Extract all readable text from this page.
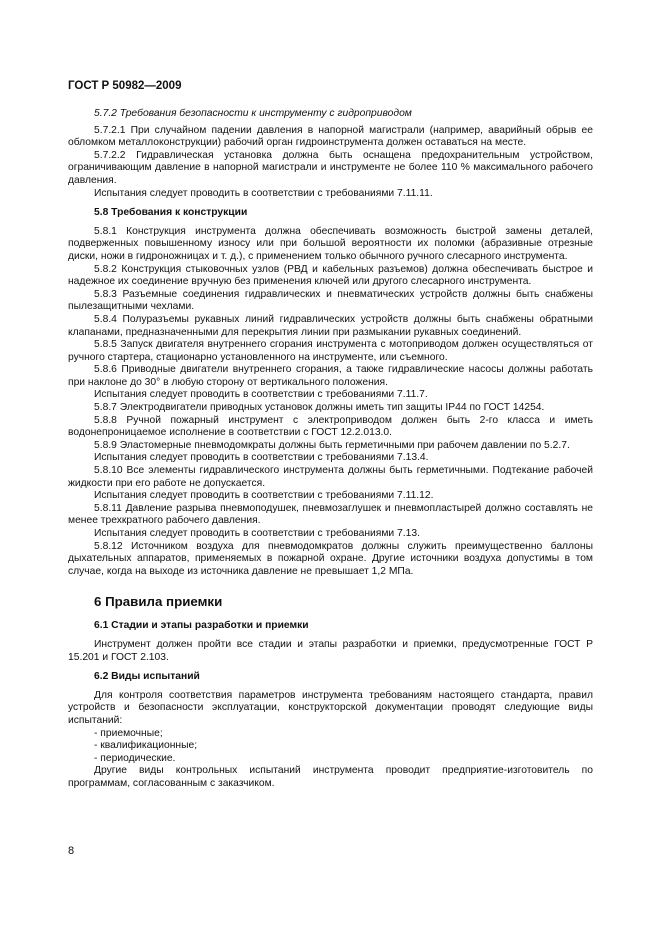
ГОСТ Р 50982—2009

5.7.2 Требования безопасности к инструменту с гидроприводом

5.7.2.1 При случайном падении давления в напорной магистрали (например, аварийный обрыв ее обломком металлоконструкции) рабочий орган гидроинструмента должен оставаться на месте.

5.7.2.2 Гидравлическая установка должна быть оснащена предохранительным устройством, ограничивающим давление в напорной магистрали и инструменте не более 110 % максимального рабочего давления.

Испытания следует проводить в соответствии с требованиями 7.11.11.

5.8 Требования к конструкции

5.8.1 Конструкция инструмента должна обеспечивать возможность быстрой замены деталей, подверженных повышенному износу или при большой вероятности их поломки (абразивные отрезные диски, ножи в гидроножницах и т. д.), с применением только обычного ручного слесарного инструмента.

5.8.2 Конструкция стыковочных узлов (РВД и кабельных разъемов) должна обеспечивать быстрое и надежное их соединение вручную без применения ключей или другого слесарного инструмента.

5.8.3 Разъемные соединения гидравлических и пневматических устройств должны быть снабжены пылезащитными чехлами.

5.8.4 Полуразъемы рукавных линий гидравлических устройств должны быть снабжены обратными клапанами, предназначенными для перекрытия линии при размыкании рукавных соединений.

5.8.5 Запуск двигателя внутреннего сгорания инструмента с мотоприводом должен осуществляться от ручного стартера, стационарно установленного на инструменте, или съемного.

5.8.6 Приводные двигатели внутреннего сгорания, а также гидравлические насосы должны работать при наклоне до 30° в любую сторону от вертикального положения.

Испытания следует проводить в соответствии с требованиями 7.11.7.

5.8.7 Электродвигатели приводных установок должны иметь тип защиты IP44 по ГОСТ 14254.

5.8.8 Ручной пожарный инструмент с электроприводом должен быть 2-го класса и иметь водонепроницаемое исполнение в соответствии с ГОСТ 12.2.013.0.

5.8.9 Эластомерные пневмодомкраты должны быть герметичными при рабочем давлении по 5.2.7.

Испытания следует проводить в соответствии с требованиями 7.13.4.

5.8.10 Все элементы гидравлического инструмента должны быть герметичными. Подтекание рабочей жидкости при его работе не допускается.

Испытания следует проводить в соответствии с требованиями 7.11.12.

5.8.11 Давление разрыва пневмоподушек, пневмозаглушек и пневмопластырей должно составлять не менее трехкратного рабочего давления.

Испытания следует проводить в соответствии с требованиями 7.13.

5.8.12 Источником воздуха для пневмодомкратов должны служить преимущественно баллоны дыхательных аппаратов, применяемых в пожарной охране. Другие источники воздуха допустимы в том случае, когда на выходе из источника давление не превышает 1,2 МПа.

6 Правила приемки

6.1 Стадии и этапы разработки и приемки

Инструмент должен пройти все стадии и этапы разработки и приемки, предусмотренные ГОСТ Р 15.201 и ГОСТ 2.103.

6.2 Виды испытаний

Для контроля соответствия параметров инструмента требованиям настоящего стандарта, правил устройств и безопасности эксплуатации, конструкторской документации проводят следующие виды испытаний:

- приемочные;

- квалификационные;

- периодические.

Другие виды контрольных испытаний инструмента проводит предприятие-изготовитель по программам, согласованным с заказчиком.

8
